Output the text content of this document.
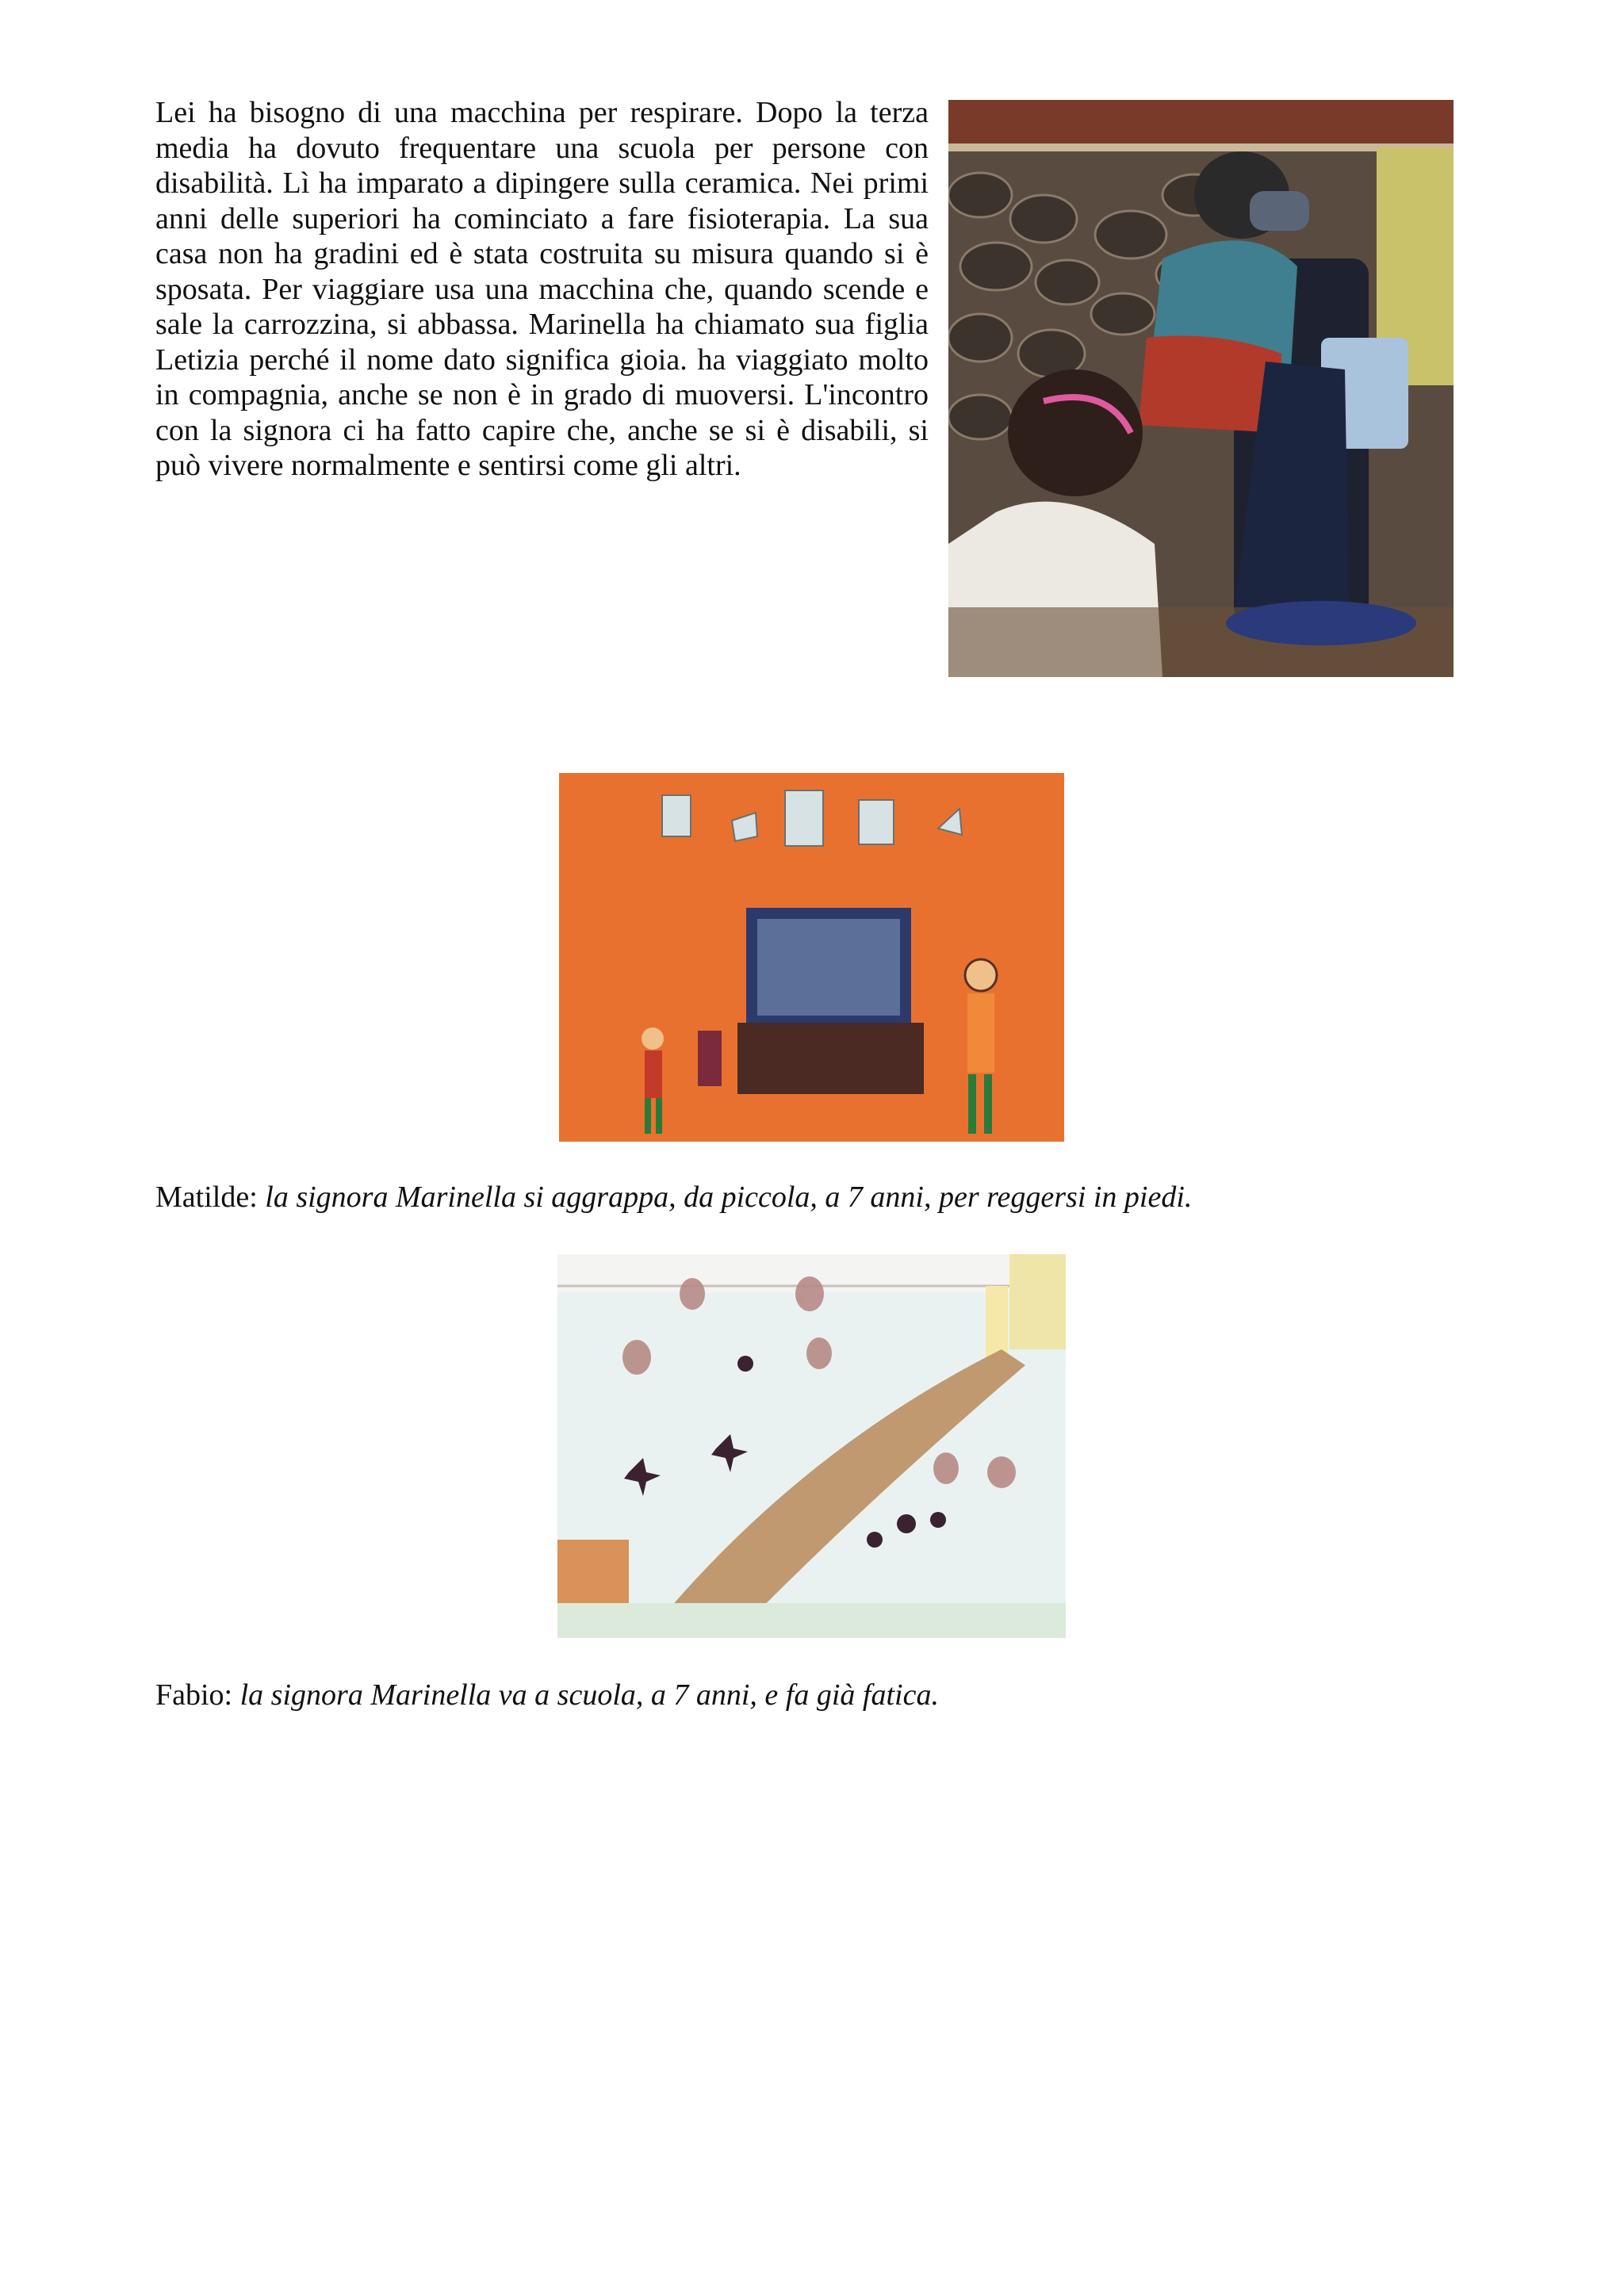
Lei ha bisogno di una macchina per respirare. Dopo la terza media ha dovuto frequentare una scuola per persone con disabilità. Lì ha imparato a dipingere sulla ceramica. Nei primi anni delle superiori ha cominciato a fare fisioterapia. La sua casa non ha gradini ed è stata costruita su misura quando si è sposata. Per viaggiare usa una macchina che, quando scende e sale la carrozzina, si abbassa. Marinella ha chiamato sua figlia Letizia perché il nome dato significa gioia. ha viaggiato molto in compagnia, anche se non è in grado di muoversi. L'incontro con la signora ci ha fatto capire che, anche se si è disabili, si può vivere normalmente e sentirsi come gli altri.

Matilde: la signora Marinella si aggrappa, da piccola, a 7 anni, per reggersi in piedi.

Fabio: la signora Marinella va a scuola, a 7 anni, e fa già fatica.
